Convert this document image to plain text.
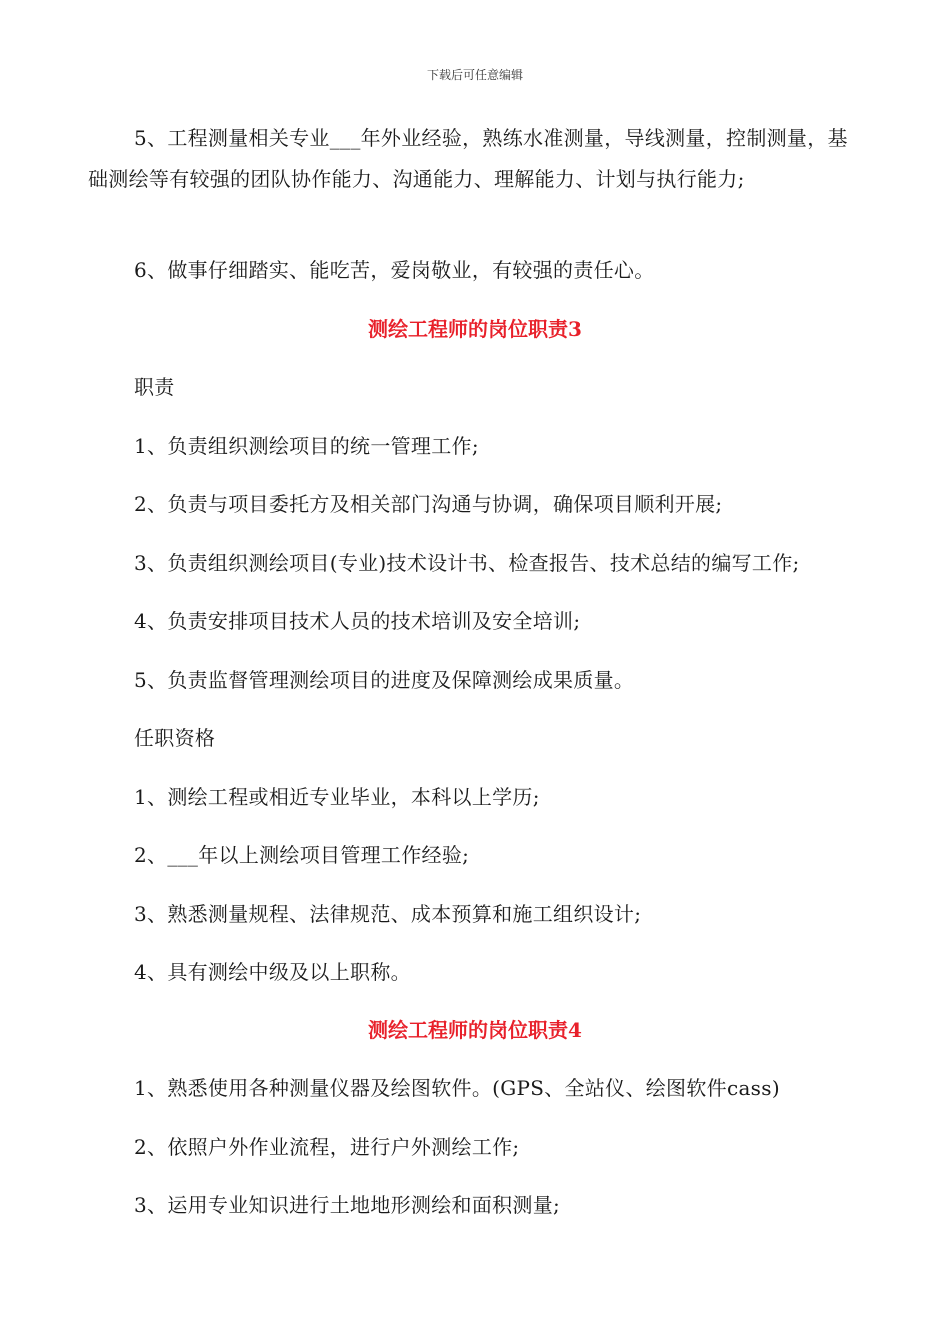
下载后可任意编辑
5、工程测量相关专业___年外业经验，熟练水准测量，导线测量，控制测量，基础测绘等有较强的团队协作能力、沟通能力、理解能力、计划与执行能力;
6、做事仔细踏实、能吃苦，爱岗敬业，有较强的责任心。
测绘工程师的岗位职责3
职责
1、负责组织测绘项目的统一管理工作;
2、负责与项目委托方及相关部门沟通与协调，确保项目顺利开展;
3、负责组织测绘项目(专业)技术设计书、检查报告、技术总结的编写工作;
4、负责安排项目技术人员的技术培训及安全培训;
5、负责监督管理测绘项目的进度及保障测绘成果质量。
任职资格
1、测绘工程或相近专业毕业，本科以上学历;
2、___年以上测绘项目管理工作经验;
3、熟悉测量规程、法律规范、成本预算和施工组织设计;
4、具有测绘中级及以上职称。
测绘工程师的岗位职责4
1、熟悉使用各种测量仪器及绘图软件。(GPS、全站仪、绘图软件cass)
2、依照户外作业流程，进行户外测绘工作;
3、运用专业知识进行土地地形测绘和面积测量;
